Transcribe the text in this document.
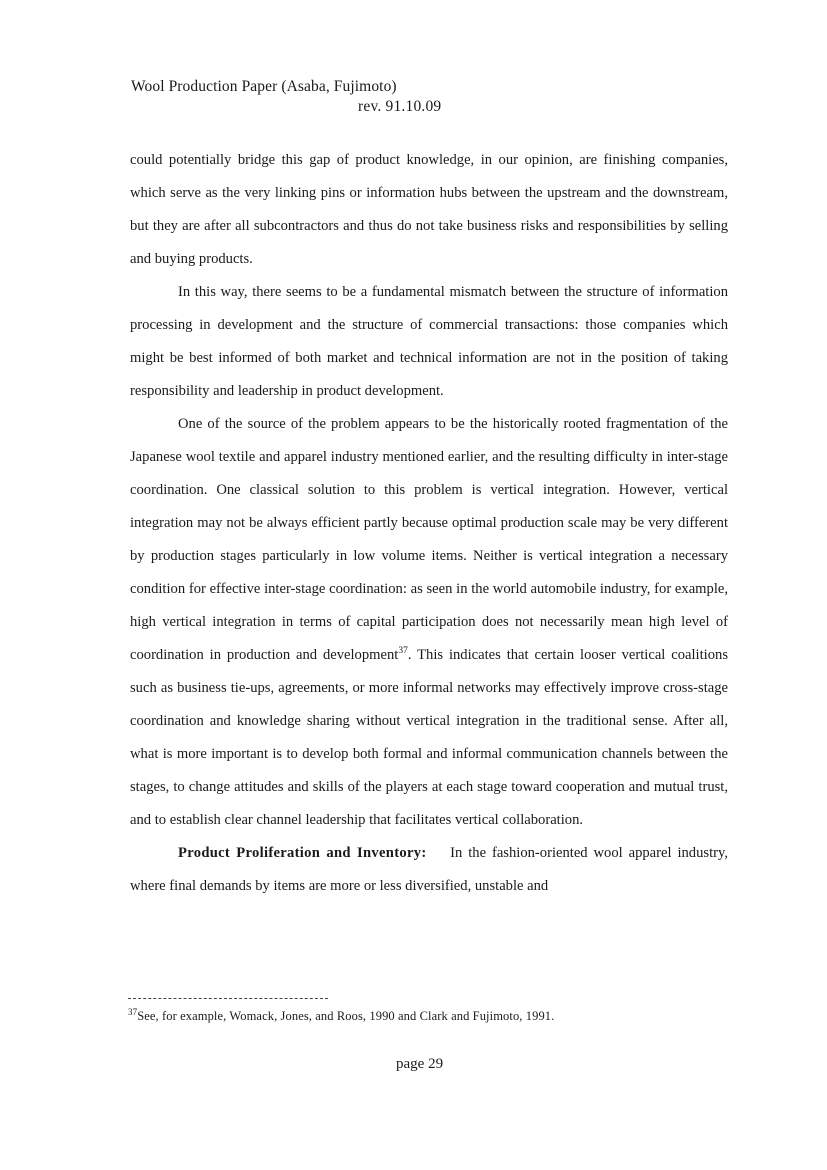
Wool Production Paper (Asaba, Fujimoto)
rev. 91.10.09

could potentially bridge this gap of product knowledge, in our opinion, are finishing companies, which serve as the very linking pins or information hubs between the upstream and the downstream, but they are after all subcontractors and thus do not take business risks and responsibilities by selling and buying products.

In this way, there seems to be a fundamental mismatch between the structure of information processing in development and the structure of commercial transactions: those companies which might be best informed of both market and technical information are not in the position of taking responsibility and leadership in product development.

One of the source of the problem appears to be the historically rooted fragmentation of the Japanese wool textile and apparel industry mentioned earlier, and the resulting difficulty in inter-stage coordination. One classical solution to this problem is vertical integration. However, vertical integration may not be always efficient partly because optimal production scale may be very different by production stages particularly in low volume items. Neither is vertical integration a necessary condition for effective inter-stage coordination: as seen in the world automobile industry, for example, high vertical integration in terms of capital participation does not necessarily mean high level of coordination in production and development$^{37}$. This indicates that certain looser vertical coalitions such as business tie-ups, agreements, or more informal networks may effectively improve cross-stage coordination and knowledge sharing without vertical integration in the traditional sense. After all, what is more important is to develop both formal and informal communication channels between the stages, to change attitudes and skills of the players at each stage toward cooperation and mutual trust, and to establish clear channel leadership that facilitates vertical collaboration.

Product Proliferation and Inventory: In the fashion-oriented wool apparel industry, where final demands by items are more or less diversified, unstable and

$^{37}$See, for example, Womack, Jones, and Roos, 1990 and Clark and Fujimoto, 1991.
page 29
